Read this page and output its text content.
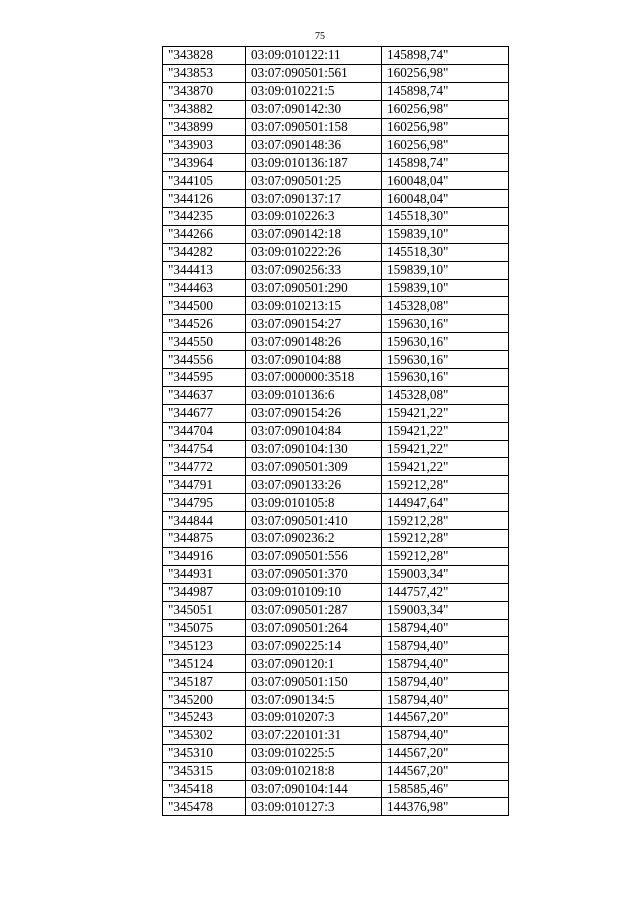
75
"343828	03:09:010122:11	145898,74"
"343853	03:07:090501:561	160256,98"
"343870	03:09:010221:5	145898,74"
"343882	03:07:090142:30	160256,98"
"343899	03:07:090501:158	160256,98"
"343903	03:07:090148:36	160256,98"
"343964	03:09:010136:187	145898,74"
"344105	03:07:090501:25	160048,04"
"344126	03:07:090137:17	160048,04"
"344235	03:09:010226:3	145518,30"
"344266	03:07:090142:18	159839,10"
"344282	03:09:010222:26	145518,30"
"344413	03:07:090256:33	159839,10"
"344463	03:07:090501:290	159839,10"
"344500	03:09:010213:15	145328,08"
"344526	03:07:090154:27	159630,16"
"344550	03:07:090148:26	159630,16"
"344556	03:07:090104:88	159630,16"
"344595	03:07:000000:3518	159630,16"
"344637	03:09:010136:6	145328,08"
"344677	03:07:090154:26	159421,22"
"344704	03:07:090104:84	159421,22"
"344754	03:07:090104:130	159421,22"
"344772	03:07:090501:309	159421,22"
"344791	03:07:090133:26	159212,28"
"344795	03:09:010105:8	144947,64"
"344844	03:07:090501:410	159212,28"
"344875	03:07:090236:2	159212,28"
"344916	03:07:090501:556	159212,28"
"344931	03:07:090501:370	159003,34"
"344987	03:09:010109:10	144757,42"
"345051	03:07:090501:287	159003,34"
"345075	03:07:090501:264	158794,40"
"345123	03:07:090225:14	158794,40"
"345124	03:07:090120:1	158794,40"
"345187	03:07:090501:150	158794,40"
"345200	03:07:090134:5	158794,40"
"345243	03:09:010207:3	144567,20"
"345302	03:07:220101:31	158794,40"
"345310	03:09:010225:5	144567,20"
"345315	03:09:010218:8	144567,20"
"345418	03:07:090104:144	158585,46"
"345478	03:09:010127:3	144376,98"
